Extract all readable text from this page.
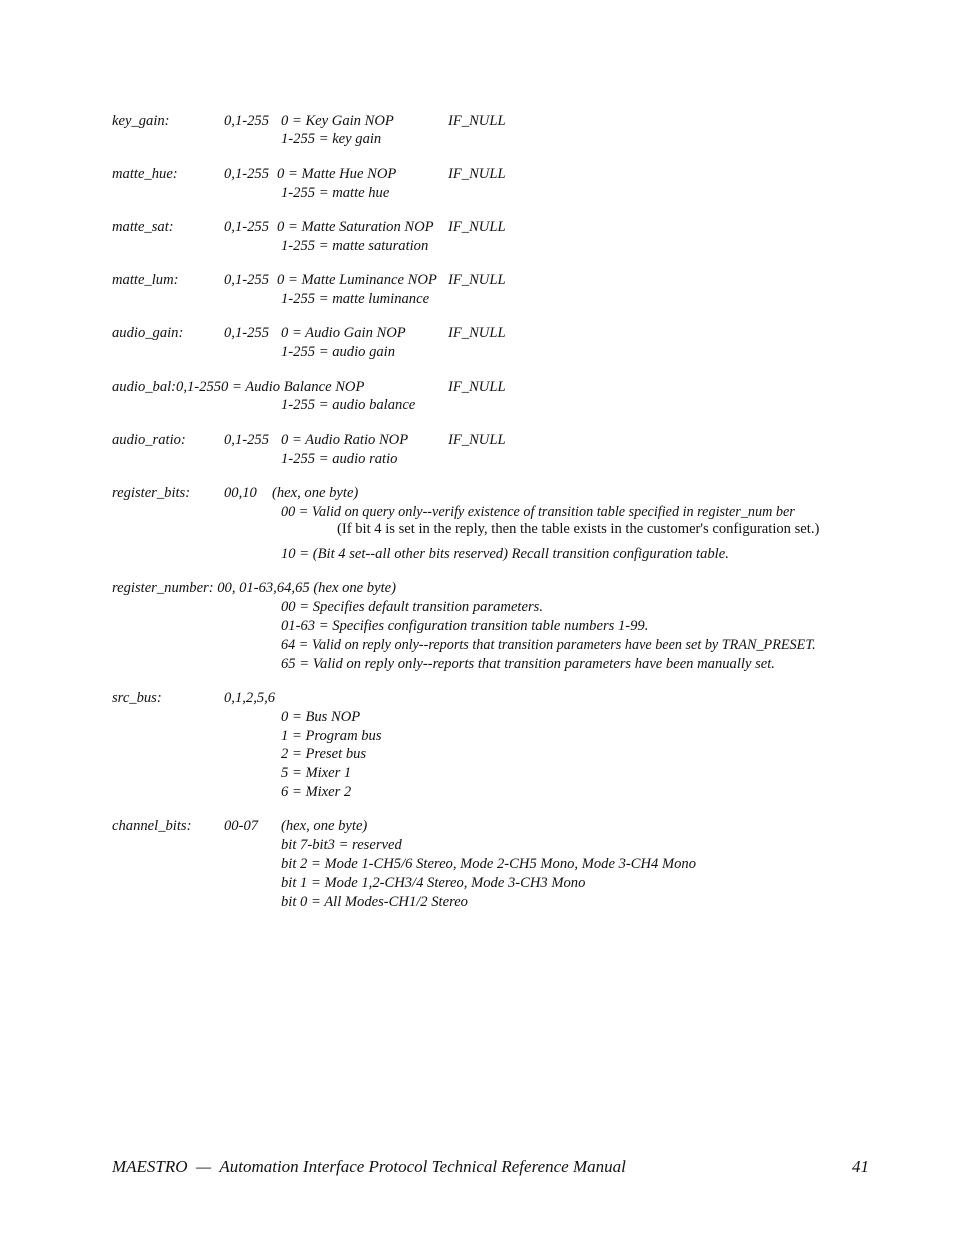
key_gain:	0,1-255 0 = Key Gain NOP	IF_NULL
1-255 = key gain
matte_hue:	0,1-255 0 = Matte Hue NOP	IF_NULL
1-255 = matte hue
matte_sat:	0,1-255 0 = Matte Saturation NOP IF_NULL
1-255 = matte saturation
matte_lum:	0,1-255 0 = Matte Luminance NOP IF_NULL
1-255 = matte luminance
audio_gain:	0,1-255 0 = Audio Gain NOP	IF_NULL
1-255 = audio gain
audio_bal:0,1-2550 = Audio Balance NOP	IF_NULL
1-255 = audio balance
audio_ratio:	0,1-255 0 = Audio Ratio NOP	IF_NULL
1-255 = audio ratio
register_bits: 00,10 (hex, one byte)
00 = Valid on query only--verify existence of transition table specified in register_num ber
(If bit 4 is set in the reply, then the table exists in the customer's configuration set.)
10 = (Bit 4 set--all other bits reserved) Recall transition configuration table.
register_number: 00, 01-63,64,65 (hex one byte)
00 = Specifies default transition parameters.
01-63 = Specifies configuration transition table numbers 1-99.
64 = Valid on reply only--reports that transition parameters have been set by TRAN_PRESET.
65 = Valid on reply only--reports that transition parameters have been manually set.
src_bus:	0,1,2,5,6
0 = Bus NOP
1 = Program bus
2 = Preset bus
5 = Mixer 1
6 = Mixer 2
channel_bits: 00-07 (hex, one byte)
bit 7-bit3 = reserved
bit 2 = Mode 1-CH5/6 Stereo, Mode 2-CH5 Mono, Mode 3-CH4 Mono
bit 1 = Mode 1,2-CH3/4 Stereo, Mode 3-CH3 Mono
bit 0 = All Modes-CH1/2 Stereo
MAESTRO  —  Automation Interface Protocol Technical Reference Manual	41
